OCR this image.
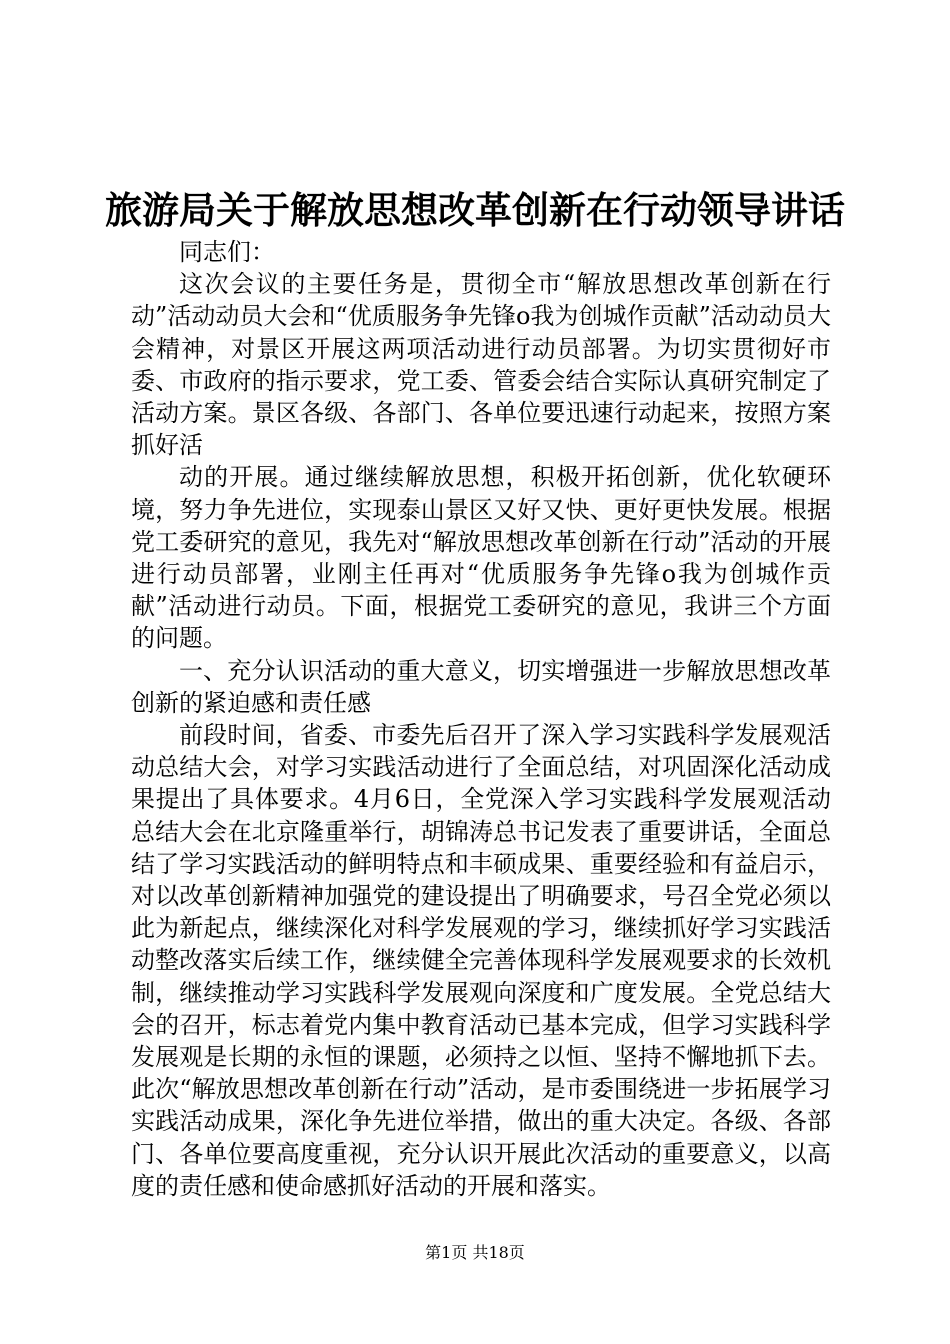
旅游局关于解放思想改革创新在行动领导讲话

同志们：

这次会议的主要任务是，贯彻全市“解放思想改革创新在行动”活动动员大会和“优质服务争先锋o我为创城作贡献”活动动员大会精神，对景区开展这两项活动进行动员部署。为切实贯彻好市委、市政府的指示要求，党工委、管委会结合实际认真研究制定了活动方案。景区各级、各部门、各单位要迅速行动起来，按照方案抓好活

动的开展。通过继续解放思想，积极开拓创新，优化软硬环境，努力争先进位，实现泰山景区又好又快、更好更快发展。根据党工委研究的意见，我先对“解放思想改革创新在行动”活动的开展进行动员部署，业刚主任再对“优质服务争先锋o我为创城作贡献”活动进行动员。下面，根据党工委研究的意见，我讲三个方面的问题。

一、充分认识活动的重大意义，切实增强进一步解放思想改革创新的紧迫感和责任感

前段时间，省委、市委先后召开了深入学习实践科学发展观活动总结大会，对学习实践活动进行了全面总结，对巩固深化活动成果提出了具体要求。4月6日，全党深入学习实践科学发展观活动总结大会在北京隆重举行，胡锦涛总书记发表了重要讲话，全面总结了学习实践活动的鲜明特点和丰硕成果、重要经验和有益启示，对以改革创新精神加强党的建设提出了明确要求，号召全党必须以此为新起点，继续深化对科学发展观的学习，继续抓好学习实践活动整改落实后续工作，继续健全完善体现科学发展观要求的长效机制，继续推动学习实践科学发展观向深度和广度发展。全党总结大会的召开，标志着党内集中教育活动已基本完成，但学习实践科学发展观是长期的永恒的课题，必须持之以恒、坚持不懈地抓下去。此次“解放思想改革创新在行动”活动，是市委围绕进一步拓展学习实践活动成果，深化争先进位举措，做出的重大决定。各级、各部门、各单位要高度重视，充分认识开展此次活动的重要意义，以高度的责任感和使命感抓好活动的开展和落实。

第1页 共18页
